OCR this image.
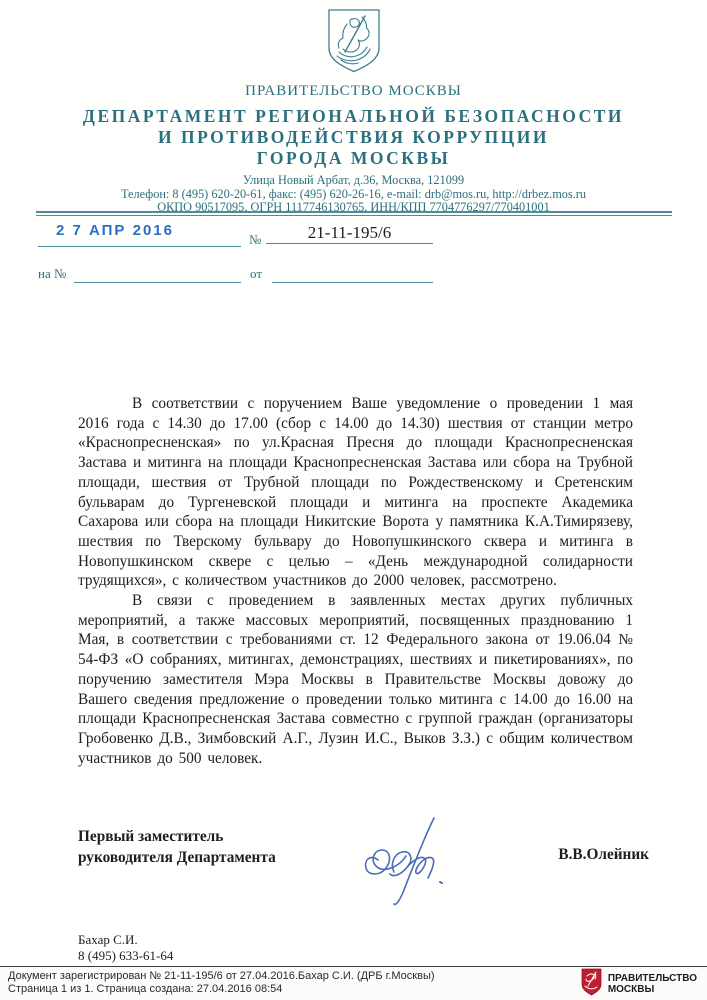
ПРАВИТЕЛЬСТВО МОСКВЫ
ДЕПАРТАМЕНТ РЕГИОНАЛЬНОЙ БЕЗОПАСНОСТИ
И ПРОТИВОДЕЙСТВИЯ КОРРУПЦИИ
ГОРОДА МОСКВЫ
Улица Новый Арбат, д.36, Москва, 121099
Телефон: 8 (495) 620-20-61, факс: (495) 620-26-16, e-mail: drb@mos.ru, http://drbez.mos.ru
ОКПО 90517095, ОГРН 1117746130765, ИНН/КПП 7704776297/770401001
2 7 АПР 2016
№	21-11-195/6
на №	от

В соответствии с поручением Ваше уведомление о проведении 1 мая 2016 года с 14.30 до 17.00 (сбор с 14.00 до 14.30) шествия от станции метро «Краснопресненская» по ул.Красная Пресня до площади Краснопресненская Застава и митинга на площади Краснопресненская Застава или сбора на Трубной площади, шествия от Трубной площади по Рождественскому и Сретенским бульварам до Тургеневской площади и митинга на проспекте Академика Сахарова или сбора на площади Никитские Ворота у памятника К.А.Тимирязеву, шествия по Тверскому бульвару до Новопушкинского сквера и митинга в Новопушкинском сквере с целью – «День международной солидарности трудящихся», с количеством участников до 2000 человек, рассмотрено.

В связи с проведением в заявленных местах других публичных мероприятий, а также массовых мероприятий, посвященных празднованию 1 Мая, в соответствии с требованиями ст. 12 Федерального закона от 19.06.04 № 54-ФЗ «О собраниях, митингах, демонстрациях, шествиях и пикетированиях», по поручению заместителя Мэра Москвы в Правительстве Москвы довожу до Вашего сведения предложение о проведении только митинга с 14.00 до 16.00 на площади Краснопресненская Застава совместно с группой граждан (организаторы Гробовенко Д.В., Зимбовский А.Г., Лузин И.С., Выков З.З.) с общим количеством участников до 500 человек.

Первый заместитель
руководителя Департамента	В.В.Олейник
Бахар С.И.
8 (495) 633-61-64
Документ зарегистрирован № 21-11-195/6 от 27.04.2016.Бахар С.И. (ДРБ г.Москвы)
Страница 1 из 1. Страница создана: 27.04.2016 08:54
ПРАВИТЕЛЬСТВО
МОСКВЫ
